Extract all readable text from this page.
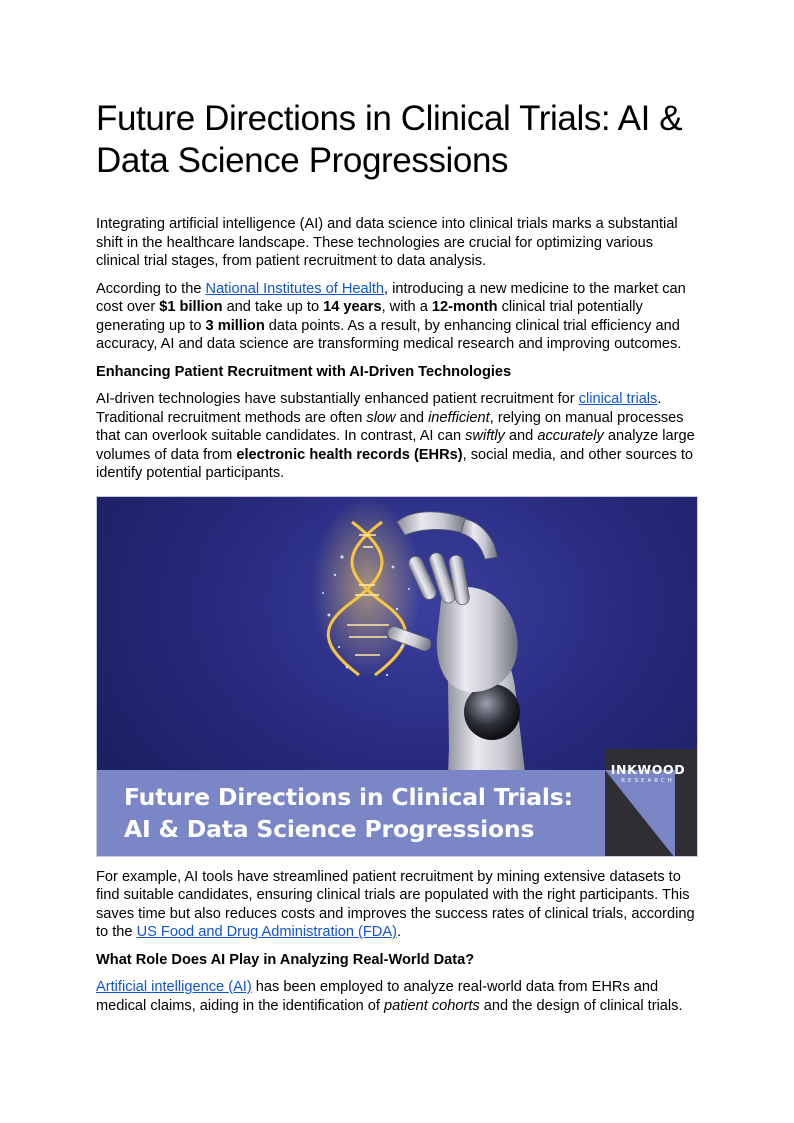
Future Directions in Clinical Trials: AI & Data Science Progressions

Integrating artificial intelligence (AI) and data science into clinical trials marks a substantial shift in the healthcare landscape. These technologies are crucial for optimizing various clinical trial stages, from patient recruitment to data analysis.

According to the National Institutes of Health, introducing a new medicine to the market can cost over $1 billion and take up to 14 years, with a 12-month clinical trial potentially generating up to 3 million data points. As a result, by enhancing clinical trial efficiency and accuracy, AI and data science are transforming medical research and improving outcomes.

Enhancing Patient Recruitment with AI-Driven Technologies

AI-driven technologies have substantially enhanced patient recruitment for clinical trials. Traditional recruitment methods are often slow and inefficient, relying on manual processes that can overlook suitable candidates. In contrast, AI can swiftly and accurately analyze large volumes of data from electronic health records (EHRs), social media, and other sources to identify potential participants.

INKWOOD
RESEARCH
Future Directions in Clinical Trials:
AI & Data Science Progressions

For example, AI tools have streamlined patient recruitment by mining extensive datasets to find suitable candidates, ensuring clinical trials are populated with the right participants. This saves time but also reduces costs and improves the success rates of clinical trials, according to the US Food and Drug Administration (FDA).

What Role Does AI Play in Analyzing Real-World Data?

Artificial intelligence (AI) has been employed to analyze real-world data from EHRs and medical claims, aiding in the identification of patient cohorts and the design of clinical trials.
